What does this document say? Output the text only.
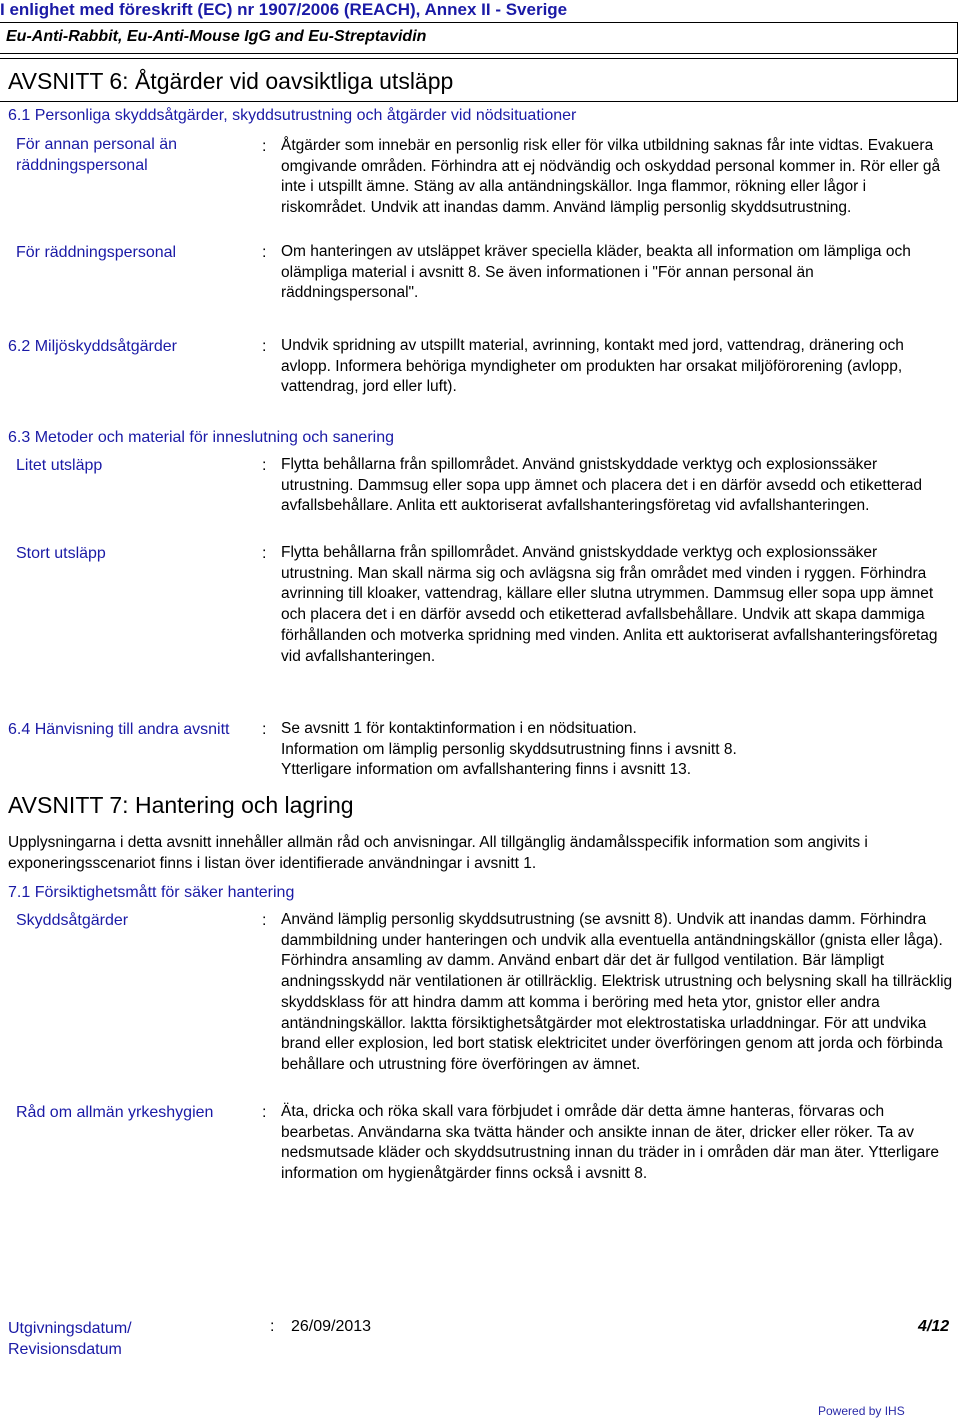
I enlighet med föreskrift (EC) nr 1907/2006 (REACH), Annex II - Sverige
Eu-Anti-Rabbit, Eu-Anti-Mouse IgG and Eu-Streptavidin
AVSNITT 6: Åtgärder vid oavsiktliga utsläpp
6.1 Personliga skyddsåtgärder, skyddsutrustning och åtgärder vid nödsituationer
För annan personal än räddningspersonal
: Åtgärder som innebär en personlig risk eller för vilka utbildning saknas får inte vidtas. Evakuera omgivande områden. Förhindra att ej nödvändig och oskyddad personal kommer in. Rör eller gå inte i utspillt ämne. Stäng av alla antändningskällor. Inga flammor, rökning eller lågor i riskområdet. Undvik att inandas damm. Använd lämplig personlig skyddsutrustning.
För räddningspersonal	: Om hanteringen av utsläppet kräver speciella kläder, beakta all information om lämpliga och olämpliga material i avsnitt 8. Se även informationen i "För annan personal än räddningspersonal".
6.2 Miljöskyddsåtgärder	: Undvik spridning av utspillt material, avrinning, kontakt med jord, vattendrag, dränering och avlopp. Informera behöriga myndigheter om produkten har orsakat miljöförorening (avlopp, vattendrag, jord eller luft).
6.3 Metoder och material för inneslutning och sanering
Litet utsläpp	: Flytta behållarna från spillområdet. Använd gnistskyddade verktyg och explosionssäker utrustning. Dammsug eller sopa upp ämnet och placera det i en därför avsedd och etiketterad avfallsbehållare. Anlita ett auktoriserat avfallshanteringsföretag vid avfallshanteringen.
Stort utsläpp	: Flytta behållarna från spillområdet. Använd gnistskyddade verktyg och explosionssäker utrustning. Man skall närma sig och avlägsna sig från området med vinden i ryggen. Förhindra avrinning till kloaker, vattendrag, källare eller slutna utrymmen. Dammsug eller sopa upp ämnet och placera det i en därför avsedd och etiketterad avfallsbehållare. Undvik att skapa dammiga förhållanden och motverka spridning med vinden. Anlita ett auktoriserat avfallshanteringsföretag vid avfallshanteringen.
6.4 Hänvisning till andra avsnitt : Se avsnitt 1 för kontaktinformation i en nödsituation.
Information om lämplig personlig skyddsutrustning finns i avsnitt 8.
Ytterligare information om avfallshantering finns i avsnitt 13.
AVSNITT 7: Hantering och lagring
Upplysningarna i detta avsnitt innehåller allmän råd och anvisningar. All tillgänglig ändamålsspecifik information som angivits i exponeringsscenariot finns i listan över identifierade användningar i avsnitt 1.
7.1 Försiktighetsmått för säker hantering
Skyddsåtgärder	: Använd lämplig personlig skyddsutrustning (se avsnitt 8). Undvik att inandas damm. Förhindra dammbildning under hanteringen och undvik alla eventuella antändningskällor (gnista eller låga). Förhindra ansamling av damm. Använd enbart där det är fullgod ventilation. Bär lämpligt andningsskydd när ventilationen är otillräcklig. Elektrisk utrustning och belysning skall ha tillräcklig skyddsklass för att hindra damm att komma i beröring med heta ytor, gnistor eller andra antändningskällor. laktta försiktighetsåtgärder mot elektrostatiska urladdningar. För att undvika brand eller explosion, led bort statisk elektricitet under överföringen genom att jorda och förbinda behållare och utrustning före överföringen av ämnet.
Råd om allmän yrkeshygien	: Äta, dricka och röka skall vara förbjudet i område där detta ämne hanteras, förvaras och bearbetas. Användarna ska tvätta händer och ansikte innan de äter, dricker eller röker. Ta av nedsmutsade kläder och skyddsutrustning innan du träder in i områden där man äter. Ytterligare information om hygienåtgärder finns också i avsnitt 8.
Utgivningsdatum/ Revisionsdatum
: 26/09/2013	4/12
Powered by IHS
